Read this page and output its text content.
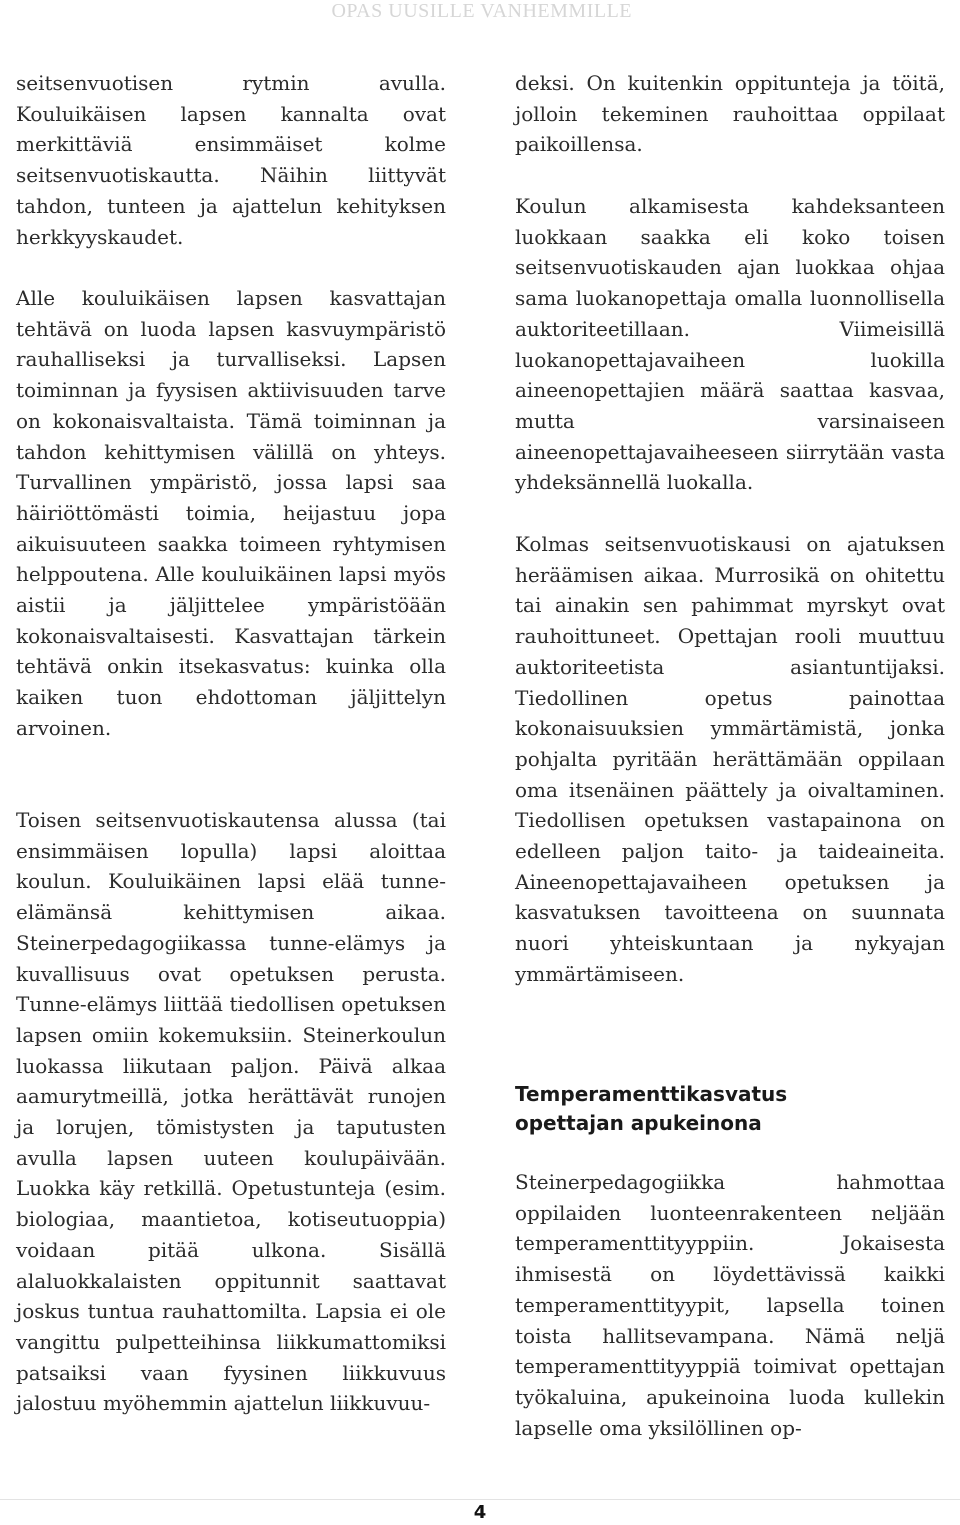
OPAS UUSILLE VANHEMMILLE

seitsenvuotisen rytmin avulla. Kouluikäisen lapsen kannalta ovat merkittäviä ensimmäiset kolme seitsenvuotiskautta. Näihin liittyvät tahdon, tunteen ja ajattelun kehityksen herkkyyskaudet.

Alle kouluikäisen lapsen kasvattajan tehtävä on luoda lapsen kasvuympäristö rauhalliseksi ja turvalliseksi. Lapsen toiminnan ja fyysisen aktiivisuuden tarve on kokonaisvaltaista. Tämä toiminnan ja tahdon kehittymisen välillä on yhteys. Turvallinen ympäristö, jossa lapsi saa häiriöttömästi toimia, heijastuu jopa aikuisuuteen saakka toimeen ryhtymisen helppoutena. Alle kouluikäinen lapsi myös aistii ja jäljittelee ympäristöään kokonaisvaltaisesti. Kasvattajan tärkein tehtävä onkin itsekasvatus: kuinka olla kaiken tuon ehdottoman jäljittelyn arvoinen.

Toisen seitsenvuotiskautensa alussa (tai ensimmäisen lopulla) lapsi aloittaa koulun. Kouluikäinen lapsi elää tunne-elämänsä kehittymisen aikaa. Steinerpedagogiikassa tunne-elämys ja kuvallisuus ovat opetuksen perusta. Tunne-elämys liittää tiedollisen opetuksen lapsen omiin kokemuksiin. Steinerkoulun luokassa liikutaan paljon. Päivä alkaa aamurytmeillä, jotka herättävät runojen ja lorujen, tömistysten ja taputusten avulla lapsen uuteen koulupäivään. Luokka käy retkillä. Opetustunteja (esim. biologiaa, maantietoa, kotiseutuoppia) voidaan pitää ulkona. Sisällä alaluokkalaisten oppitunnit saattavat joskus tuntua rauhattomilta. Lapsia ei ole vangittu pulpetteihinsa liikkumattomiksi patsaiksi vaan fyysinen liikkuvuus jalostuu myöhemmin ajattelun liikkuvuu-

deksi. On kuitenkin oppitunteja ja töitä, jolloin tekeminen rauhoittaa oppilaat paikoillensa.

Koulun alkamisesta kahdeksanteen luokkaan saakka eli koko toisen seitsenvuotiskauden ajan luokkaa ohjaa sama luokanopettaja omalla luonnollisella auktoriteetillaan. Viimeisillä luokanopettajavaiheen luokilla aineenopettajien määrä saattaa kasvaa, mutta varsinaiseen aineenopettajavaiheeseen siirrytään vasta yhdeksännellä luokalla.

Kolmas seitsenvuotiskausi on ajatuksen heräämisen aikaa. Murrosikä on ohitettu tai ainakin sen pahimmat myrskyt ovat rauhoittuneet. Opettajan rooli muuttuu auktoriteetista asiantuntijaksi. Tiedollinen opetus painottaa kokonaisuuksien ymmärtämistä, jonka pohjalta pyritään herättämään oppilaan oma itsenäinen päättely ja oivaltaminen. Tiedollisen opetuksen vastapainona on edelleen paljon taito- ja taideaineita. Aineenopettajavaiheen opetuksen ja kasvatuksen tavoitteena on suunnata nuori yhteiskuntaan ja nykyajan ymmärtämiseen.

Temperamenttikasvatus
opettajan apukeinona

Steinerpedagogiikka hahmottaa oppilaiden luonteenrakenteen neljään temperamenttityyppiin. Jokaisesta ihmisestä on löydettävissä kaikki temperamenttityypit, lapsella toinen toista hallitsevampana. Nämä neljä temperamenttityyppiä toimivat opettajan työkaluina, apukeinoina luoda kullekin lapselle oma yksilöllinen op-

4
